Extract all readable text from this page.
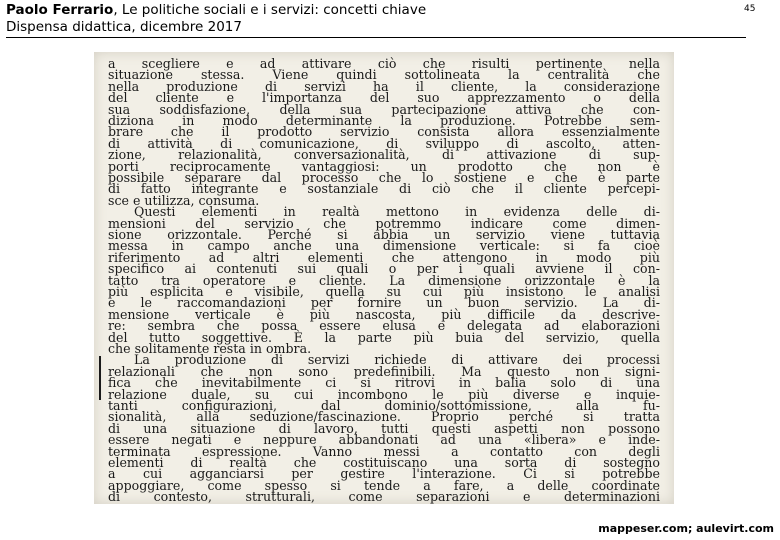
Paolo Ferrario, Le politiche sociali e i servizi: concetti chiave
Dispensa didattica, dicembre 2017
45
a scegliere e ad attivare ciò che risulti pertinente nella
situazione stessa. Viene quindi sottolineata la centralità che
nella produzione di servizi ha il cliente, la considerazione
del cliente e l'importanza del suo apprezzamento o della
sua soddisfazione, della sua partecipazione attiva che con-
diziona in modo determinante la produzione. Potrebbe sem-
brare che il prodotto servizio consista allora essenzialmente
di attività di comunicazione, di sviluppo di ascolto, atten-
zione, relazionalità, conversazionalità, di attivazione di sup-
porti reciprocamente vantaggiosi: un prodotto che non è
possibile separare dal processo che lo sostiene e che è parte
di fatto integrante e sostanziale di ciò che il cliente percepi-
sce e utilizza, consuma.
Questi elementi in realtà mettono in evidenza delle di-
mensioni del servizio che potremmo indicare come dimen-
sione orizzontale. Perché si abbia un servizio viene tuttavia
messa in campo anche una dimensione verticale: si fa cioè
riferimento ad altri elementi che attengono in modo più
specifico ai contenuti sui quali o per i quali avviene il con-
tatto tra operatore e cliente. La dimensione orizzontale è la
più esplicita e visibile, quella su cui più insistono le analisi
e le raccomandazioni per fornire un buon servizio. La di-
mensione verticale è più nascosta, più difficile da descrive-
re: sembra che possa essere elusa e delegata ad elaborazioni
del tutto soggettive. È la parte più buia del servizio, quella
che solitamente resta in ombra.
La produzione di servizi richiede di attivare dei processi
relazionali che non sono predefinibili. Ma questo non signi-
fica che inevitabilmente ci si ritrovi in balia solo di una
relazione duale, su cui incombono le più diverse e inquie-
tanti configurazioni, dal dominio/sottomissione, alla fu-
sionalità, alla seduzione/fascinazione. Proprio perché si tratta
di una situazione di lavoro, tutti questi aspetti non possono
essere negati e neppure abbandonati ad una «libera» e inde-
terminata espressione. Vanno messi a contatto con degli
elementi di realtà che costituiscano una sorta di sostegno
a cui agganciarsi per gestire l'interazione. Ci si potrebbe
appoggiare, come spesso si tende a fare, a delle coordinate
di contesto, strutturali, come separazioni e determinazioni
mappeser.com; aulevirt.com
